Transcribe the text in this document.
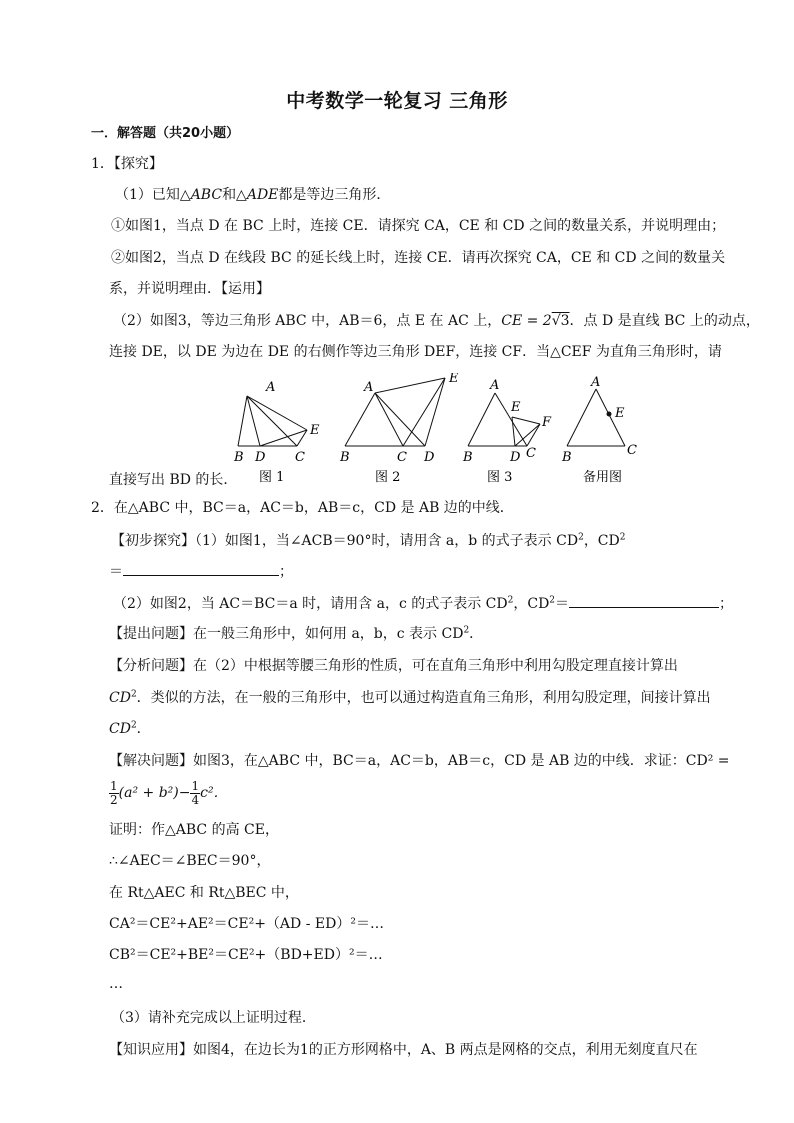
中考数学一轮复习 三角形
一．解答题（共20小题）
1．【探究】
（1）已知△ABC和△ADE都是等边三角形．
①如图1，当点 D 在 BC 上时，连接 CE．请探究 CA，CE 和 CD 之间的数量关系，并说明理由；
②如图2，当点 D 在线段 BC 的延长线上时，连接 CE．请再次探究 CA，CE 和 CD 之间的数量关
系，并说明理由．【运用】
（2）如图3，等边三角形 ABC 中，AB＝6，点 E 在 AC 上，CE = 2√3．点 D 是直线 BC 上的动点，
连接 DE，以 DE 为边在 DE 的右侧作等边三角形 DEF，连接 CF．当△CEF 为直角三角形时，请
A
B D C
E
图 1
A
E
B	C D
图 2
A
E
F
B	D C
图 3
A
E
B	C
备用图
直接写出 BD 的长．
2．在△ABC 中，BC＝a，AC＝b，AB＝c，CD 是 AB 边的中线．
【初步探究】（1）如图1，当∠ACB＝90°时，请用含 a，b 的式子表示 $CD^2$，$CD^2$
＝	；
（2）如图2，当 AC＝BC＝a 时，请用含 a，c 的式子表示 $CD^2$，$CD^2=$	；
【提出问题】在一般三角形中，如何用 a，b，c 表示 $CD^2$．
【分析问题】在（2）中根据等腰三角形的性质，可在直角三角形中利用勾股定理直接计算出
$CD^2$．类似的方法，在一般的三角形中，也可以通过构造直角三角形，利用勾股定理，间接计算出
$CD^2$．
【解决问题】如图3，在△ABC 中，BC＝a，AC＝b，AB＝c，CD 是 AB 边的中线．求证：CD² =
$\frac{1}{2} (a^2 + b^2)- \frac{1}{4} c^2$．
证明：作△ABC 的高 CE，
∴∠AEC＝∠BEC＝90°，
在 Rt△AEC 和 Rt△BEC 中，
CA²＝CE²+AE²＝CE²+（AD - ED）²＝…
CB²＝CE²+BE²＝CE²+（BD+ED）²＝…
…
（3）请补充完成以上证明过程．
【知识应用】如图4，在边长为1的正方形网格中，A、B 两点是网格的交点，利用无刻度直尺在
